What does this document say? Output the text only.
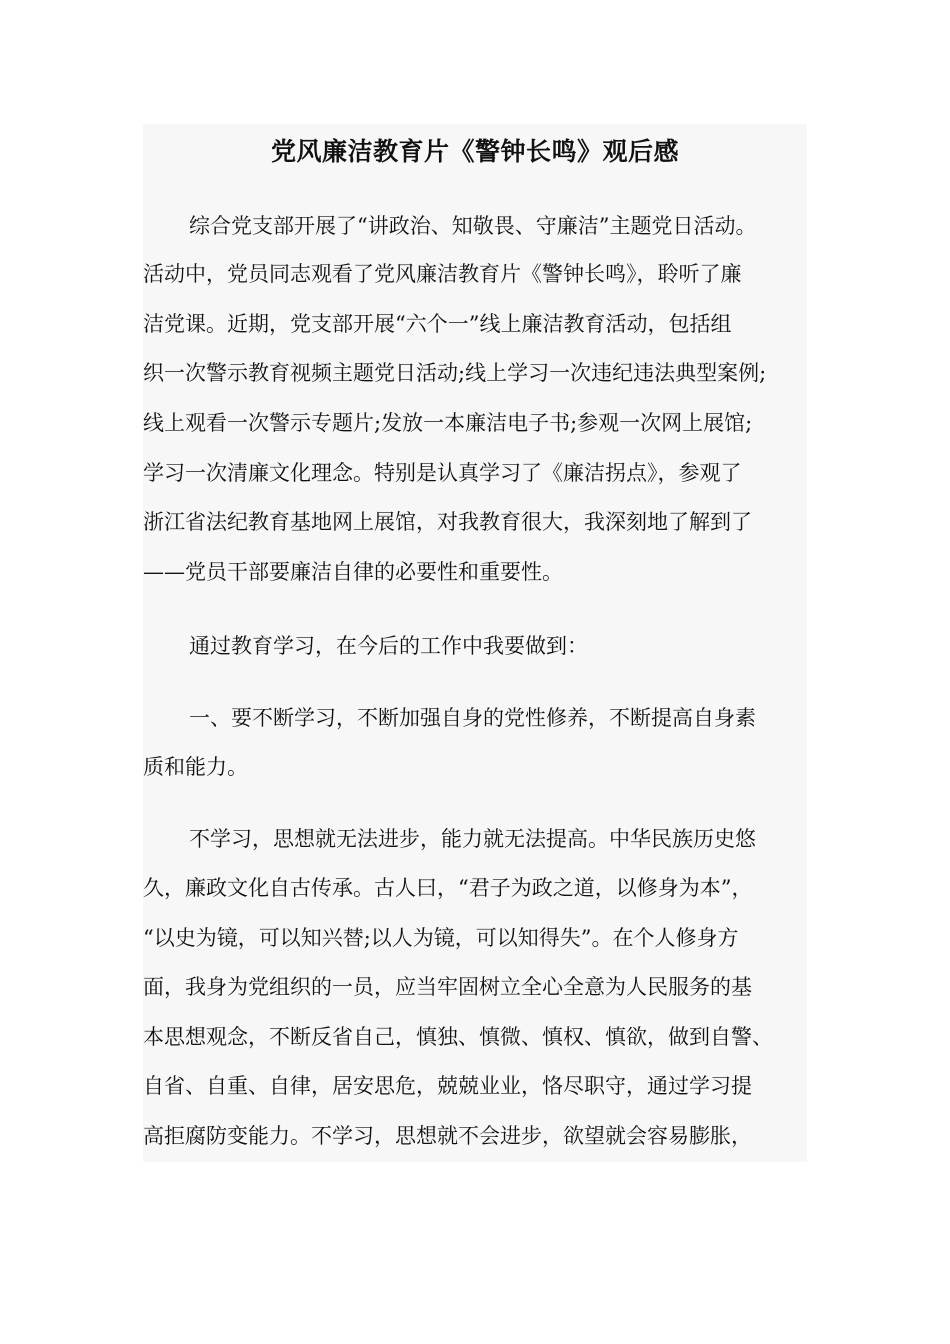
党风廉洁教育片《警钟长鸣》观后感
综合党支部开展了“讲政治、知敬畏、守廉洁”主题党日活动。
活动中，党员同志观看了党风廉洁教育片《警钟长鸣》，聆听了廉
洁党课。近期，党支部开展“六个一”线上廉洁教育活动，包括组
织一次警示教育视频主题党日活动;线上学习一次违纪违法典型案例;
线上观看一次警示专题片;发放一本廉洁电子书;参观一次网上展馆;
学习一次清廉文化理念。特别是认真学习了《廉洁拐点》，参观了
浙江省法纪教育基地网上展馆，对我教育很大，我深刻地了解到了
——党员干部要廉洁自律的必要性和重要性。
通过教育学习，在今后的工作中我要做到：
一、要不断学习，不断加强自身的党性修养，不断提高自身素
质和能力。
不学习，思想就无法进步，能力就无法提高。中华民族历史悠
久，廉政文化自古传承。古人曰，“君子为政之道，以修身为本”，
“以史为镜，可以知兴替;以人为镜，可以知得失”。在个人修身方
面，我身为党组织的一员，应当牢固树立全心全意为人民服务的基
本思想观念，不断反省自己，慎独、慎微、慎权、慎欲，做到自警、
自省、自重、自律，居安思危，兢兢业业，恪尽职守，通过学习提
高拒腐防变能力。不学习，思想就不会进步，欲望就会容易膨胀，
